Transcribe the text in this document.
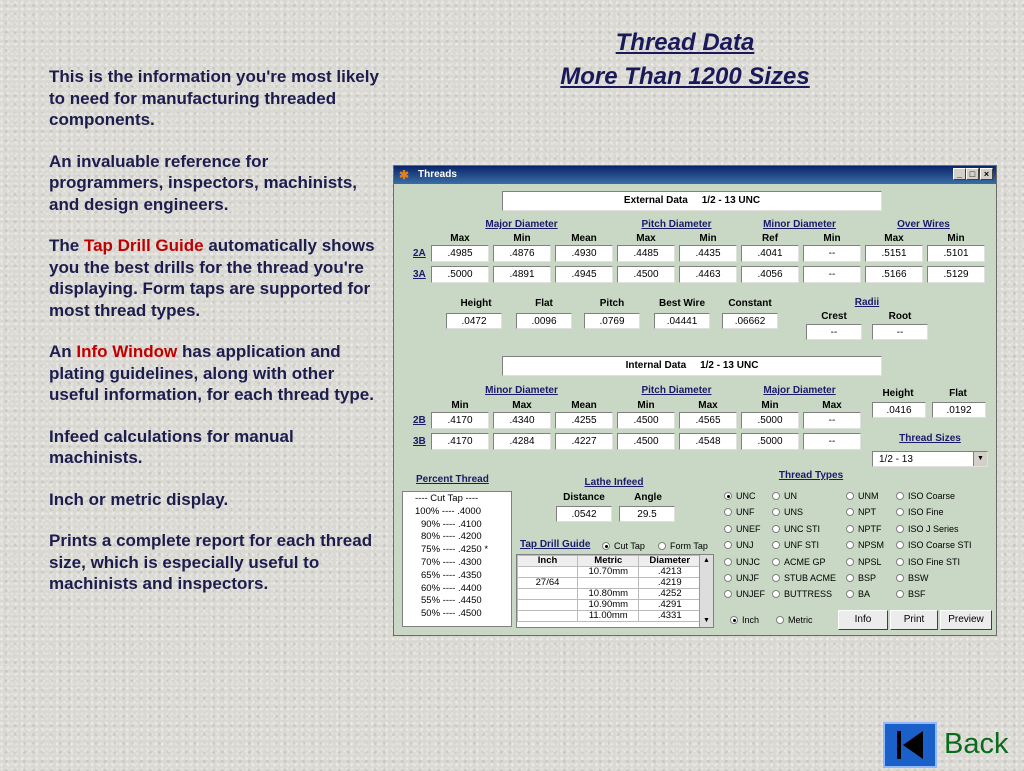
Thread Data
More Than 1200 Sizes

This is the information you're most likely to need for manufacturing threaded components.

An invaluable reference for programmers, inspectors, machinists, and design engineers.

The Tap Drill Guide automatically shows you the best drills for the thread you're displaying. Form taps are supported for most thread types.

An Info Window has application and plating guidelines, along with other useful information, for each thread type.

Infeed calculations for manual machinists.

Inch or metric display.

Prints a complete report for each thread size, which is especially useful to machinists and inspectors.

✱ Threads	_ □ ×
External Data 1/2 - 13 UNC
Major Diameter	Pitch Diameter	Minor Diameter	Over Wires
Max	Min	Mean	Max	Min	Ref	Min	Max	Min
2A	.4985	.4876	.4930	.4485	.4435	.4041	--	.5151	.5101
3A	.5000	.4891	.4945	.4500	.4463	.4056	--	.5166	.5129
Height
.0472
Flat
.0096
Pitch
.0769
Best Wire
.04441
Constant
.06662
Radii
Crest
--
Root
--
Internal Data 1/2 - 13 UNC
Minor Diameter	Pitch Diameter	Major Diameter
Min	Max	Mean	Min	Max	Min	Max
2B	.4170	.4340	.4255	.4500	.4565	.5000	--
3B	.4170	.4284	.4227	.4500	.4548	.5000	--
Height
.0416
Flat
.0192
Thread Sizes
1/2 - 13	▼
Percent Thread
---- Cut Tap ----
100% ---- .4000
90% ---- .4100
80% ---- .4200
75% ---- .4250 *
70% ---- .4300
65% ---- .4350
60% ---- .4400
55% ---- .4450
50% ---- .4500
Lathe Infeed
Distance
.0542
Angle
29.5
Tap Drill Guide	Cut Tap	Form Tap
Inch	Metric	Diameter
	10.70mm	.4213
27/64		.4219
	10.80mm	.4252
	10.90mm	.4291
	11.00mm	.4331
▲
▼
Thread Types
UNC
UNF
UNEF
UNJ
UNJC
UNJF
UNJEF
UN
UNS
UNC STI
UNF STI
ACME GP
STUB ACME
BUTTRESS
UNM
NPT
NPTF
NPSM
NPSL
BSP
BA
ISO Coarse
ISO Fine
ISO J Series
ISO Coarse STI
ISO Fine STI
BSW
BSF
Inch	Metric	Info	Print	Preview
Back
